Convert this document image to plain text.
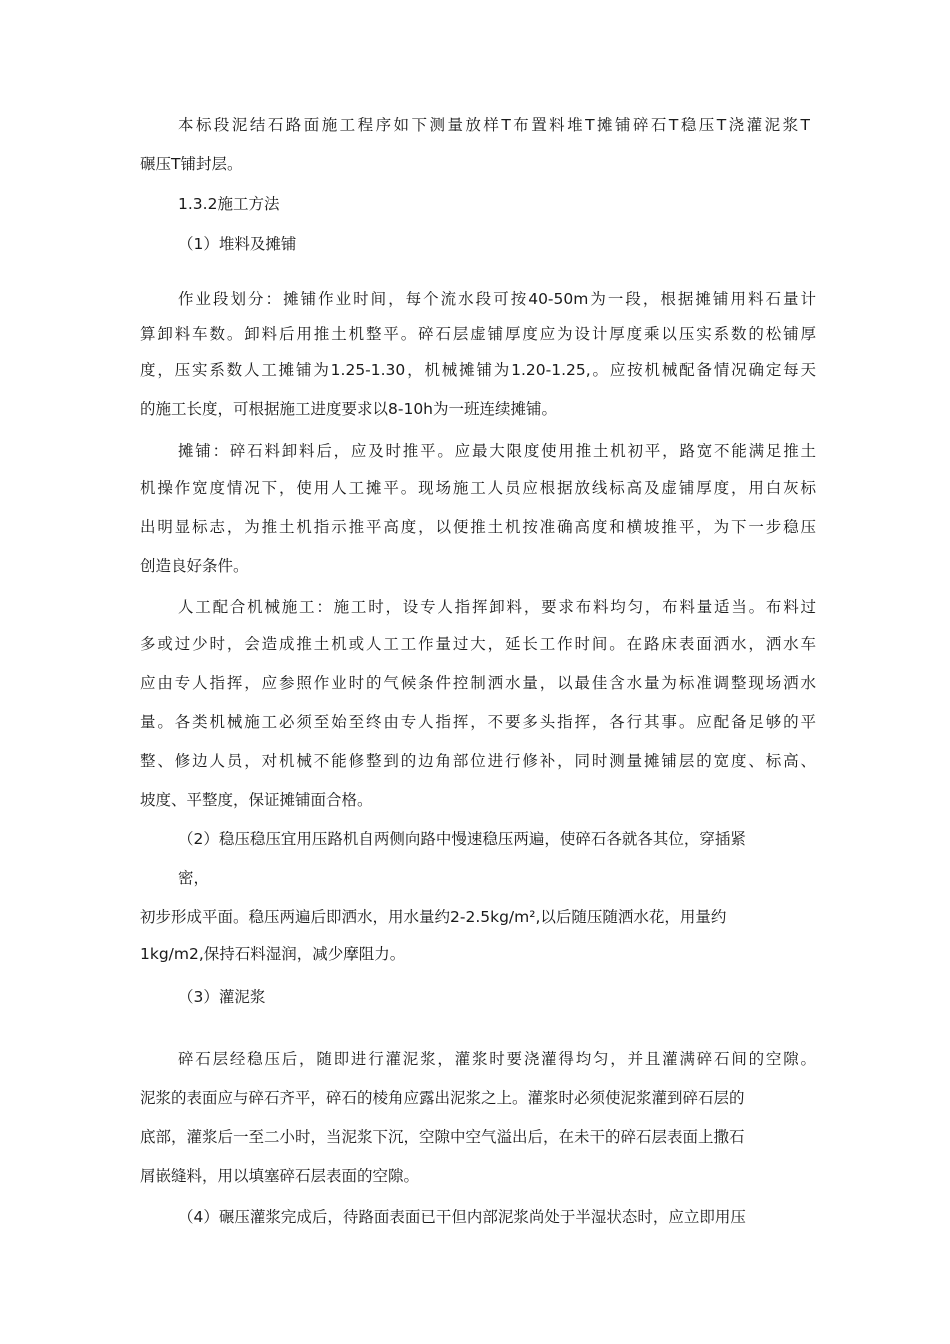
本标段泥结石路面施工程序如下测量放样T布置料堆T摊铺碎石T稳压T浇灌泥浆T

碾压T铺封层。

1.3.2施工方法

（1）堆料及摊铺

作业段划分：摊铺作业时间，每个流水段可按40-50m为一段，根据摊铺用料石量计

算卸料车数。卸料后用推土机整平。碎石层虚铺厚度应为设计厚度乘以压实系数的松铺厚

度，压实系数人工摊铺为1.25-1.30，机械摊铺为1.20-1.25,。应按机械配备情况确定每天

的施工长度，可根据施工进度要求以8-10h为一班连续摊铺。

摊铺：碎石料卸料后，应及时推平。应最大限度使用推土机初平，路宽不能满足推土

机操作宽度情况下，使用人工摊平。现场施工人员应根据放线标高及虚铺厚度，用白灰标

出明显标志，为推土机指示推平高度，以便推土机按准确高度和横坡推平，为下一步稳压

创造良好条件。

人工配合机械施工：施工时，设专人指挥卸料，要求布料均匀，布料量适当。布料过

多或过少时，会造成推土机或人工工作量过大，延长工作时间。在路床表面洒水，洒水车

应由专人指挥，应参照作业时的气候条件控制洒水量，以最佳含水量为标准调整现场洒水

量。各类机械施工必须至始至终由专人指挥，不要多头指挥，各行其事。应配备足够的平

整、修边人员，对机械不能修整到的边角部位进行修补，同时测量摊铺层的宽度、标高、

坡度、平整度，保证摊铺面合格。

（2）稳压稳压宜用压路机自两侧向路中慢速稳压两遍，使碎石各就各其位，穿插紧

密，

初步形成平面。稳压两遍后即洒水，用水量约2-2.5kg/m²,以后随压随洒水花，用量约

1kg/m2,保持石料湿润，减少摩阻力。

（3）灌泥浆

碎石层经稳压后，随即进行灌泥浆，灌浆时要浇灌得均匀，并且灌满碎石间的空隙。

泥浆的表面应与碎石齐平，碎石的棱角应露出泥浆之上。灌浆时必须使泥浆灌到碎石层的

底部，灌浆后一至二小时，当泥浆下沉，空隙中空气溢出后，在未干的碎石层表面上撒石

屑嵌缝料，用以填塞碎石层表面的空隙。

（4）碾压灌浆完成后，待路面表面已干但内部泥浆尚处于半湿状态时，应立即用压
